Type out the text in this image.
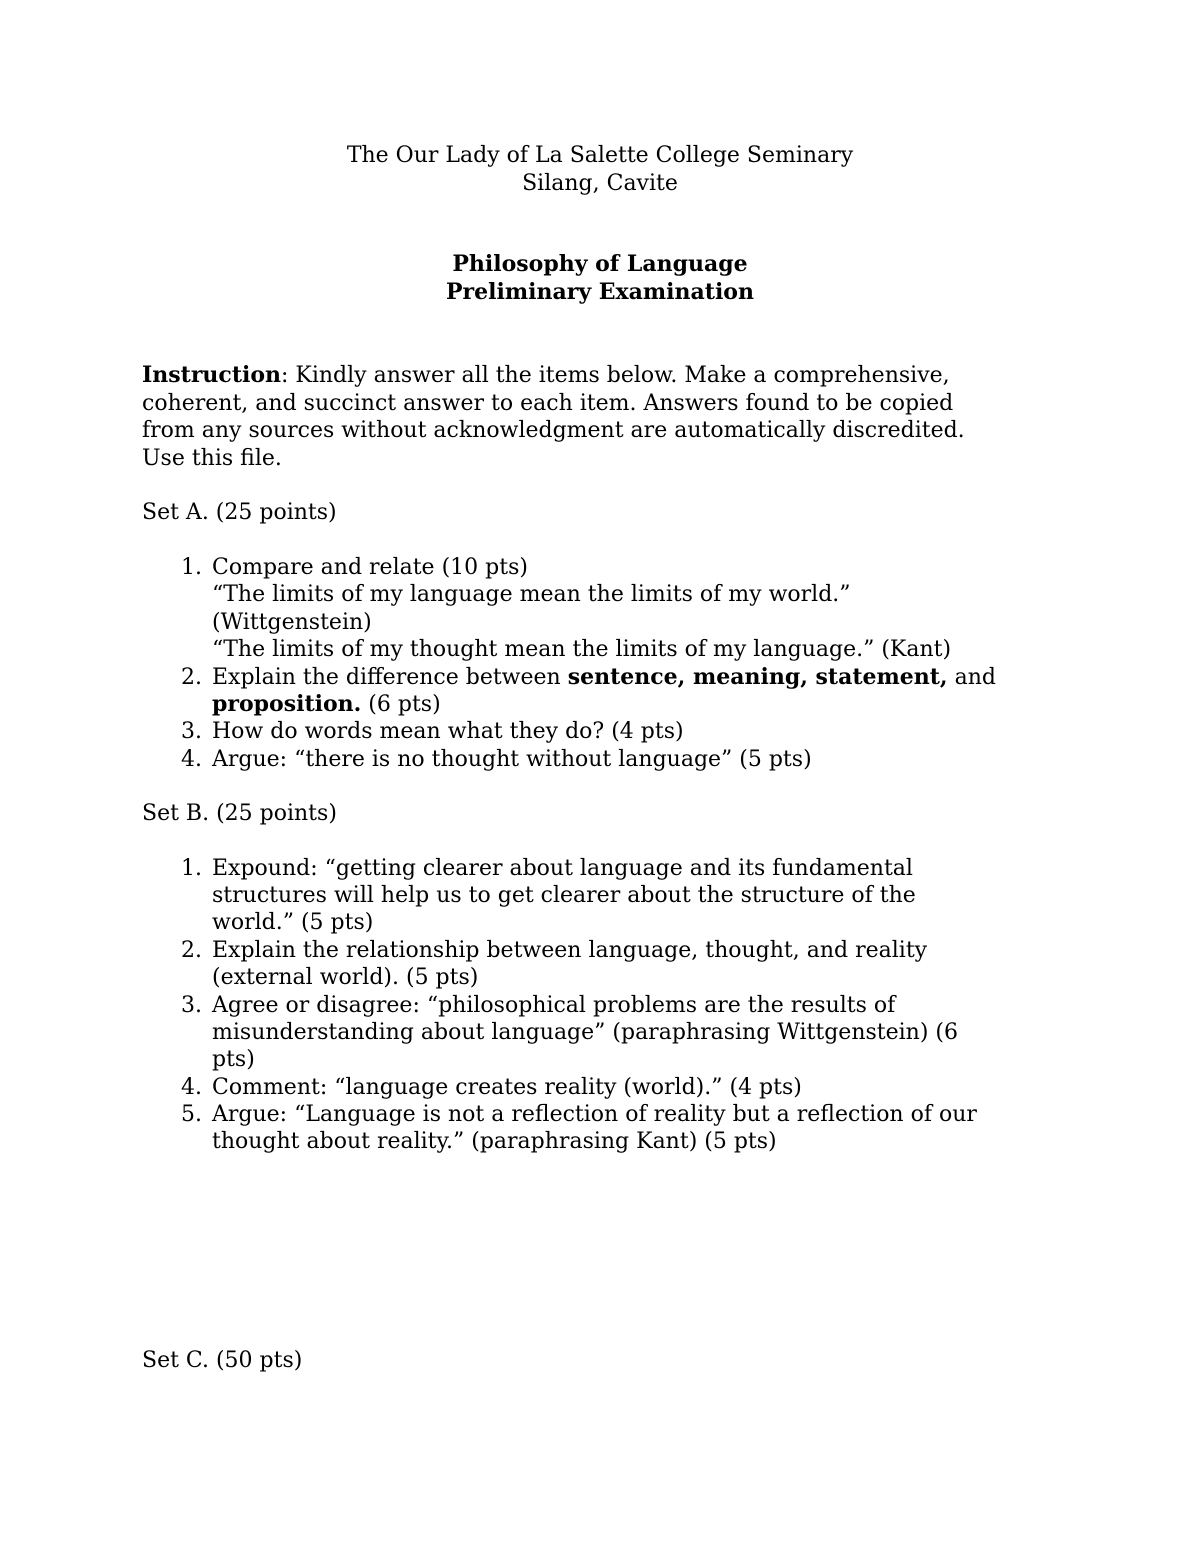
The Our Lady of La Salette College Seminary
Silang, Cavite
Philosophy of Language
Preliminary Examination
Instruction: Kindly answer all the items below. Make a comprehensive,
coherent, and succinct answer to each item. Answers found to be copied
from any sources without acknowledgment are automatically discredited.
Use this file.
Set A. (25 points)
1. Compare and relate (10 pts)
“The limits of my language mean the limits of my world.”
(Wittgenstein)
“The limits of my thought mean the limits of my language.” (Kant)
2. Explain the difference between sentence, meaning, statement, and
proposition. (6 pts)
3. How do words mean what they do? (4 pts)
4. Argue: “there is no thought without language” (5 pts)
Set B. (25 points)
1. Expound: “getting clearer about language and its fundamental
structures will help us to get clearer about the structure of the
world.” (5 pts)
2. Explain the relationship between language, thought, and reality
(external world). (5 pts)
3. Agree or disagree: “philosophical problems are the results of
misunderstanding about language” (paraphrasing Wittgenstein) (6
pts)
4. Comment: “language creates reality (world).” (4 pts)
5. Argue: “Language is not a reflection of reality but a reflection of our
thought about reality.” (paraphrasing Kant) (5 pts)
Set C. (50 pts)
